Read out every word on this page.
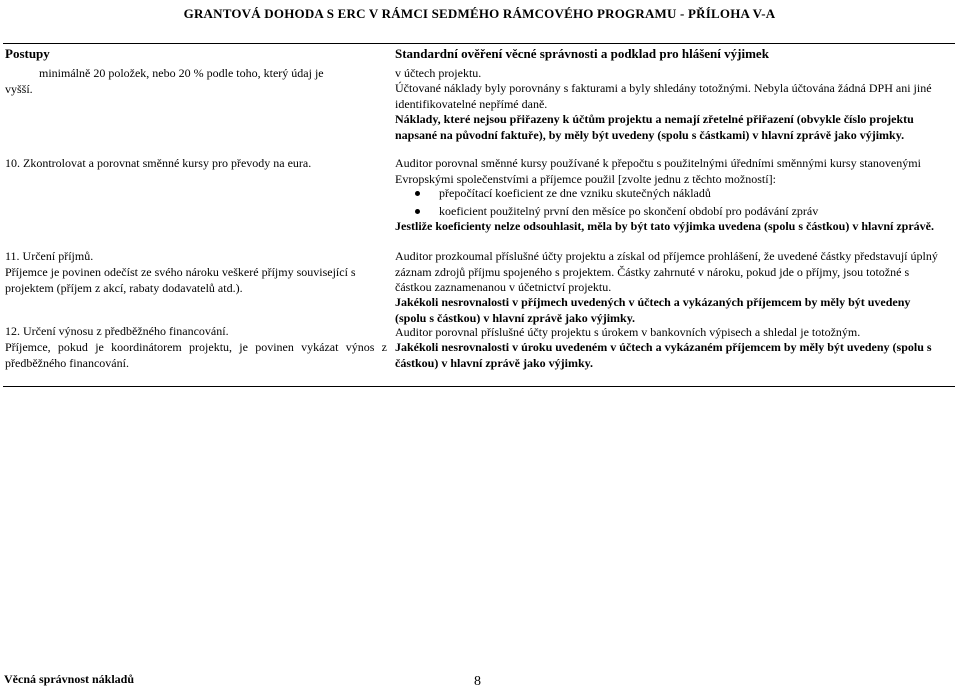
GRANTOVÁ DOHODA S ERC V RÁMCI SEDMÉHO RÁMCOVÉHO PROGRAMU - PŘÍLOHA V-A
Postupy
minimálně 20 položek, nebo 20 % podle toho, který údaj je
vyšší.
10. Zkontrolovat a porovnat směnné kursy pro převody na eura.
11. Určení příjmů.
Příjemce je povinen odečíst ze svého nároku veškeré příjmy související s projektem (příjem z akcí, rabaty dodavatelů atd.).
12. Určení výnosu z předběžného financování.
Příjemce, pokud je koordinátorem projektu, je povinen vykázat výnos z předběžného financování.
Standardní ověření věcné správnosti a podklad pro hlášení výjimek
v účtech projektu.
Účtované náklady byly porovnány s fakturami a byly shledány totožnými. Nebyla účtována žádná DPH ani jiné identifikovatelné nepřímé daně.
Náklady, které nejsou přiřazeny k účtům projektu a nemají zřetelné přiřazení (obvykle číslo projektu napsané na původní faktuře), by měly být uvedeny (spolu s částkami) v hlavní zprávě jako výjimky.
Auditor porovnal směnné kursy používané k přepočtu s použitelnými úředními směnnými kursy stanovenými Evropskými společenstvími a příjemce použil [zvolte jednu z těchto možností]:
přepočítací koeficient ze dne vzniku skutečných nákladů
koeficient použitelný první den měsíce po skončení období pro podávání zpráv
Jestliže koeficienty nelze odsouhlasit, měla by být tato výjimka uvedena (spolu s částkou) v hlavní zprávě.
Auditor prozkoumal příslušné účty projektu a získal od příjemce prohlášení, že uvedené částky představují úplný záznam zdrojů příjmu spojeného s projektem. Částky zahrnuté v nároku, pokud jde o příjmy, jsou totožné s částkou zaznamenanou v účetnictví projektu.
Jakékoli nesrovnalosti v příjmech uvedených v účtech a vykázaných příjemcem by měly být uvedeny (spolu s částkou) v hlavní zprávě jako výjimky.
Auditor porovnal příslušné účty projektu s úrokem v bankovních výpisech a shledal je totožným.
Jakékoli nesrovnalosti v úroku uvedeném v účtech a vykázaném příjemcem by měly být uvedeny (spolu s částkou) v hlavní zprávě jako výjimky.
Věcná správnost nákladů	8
